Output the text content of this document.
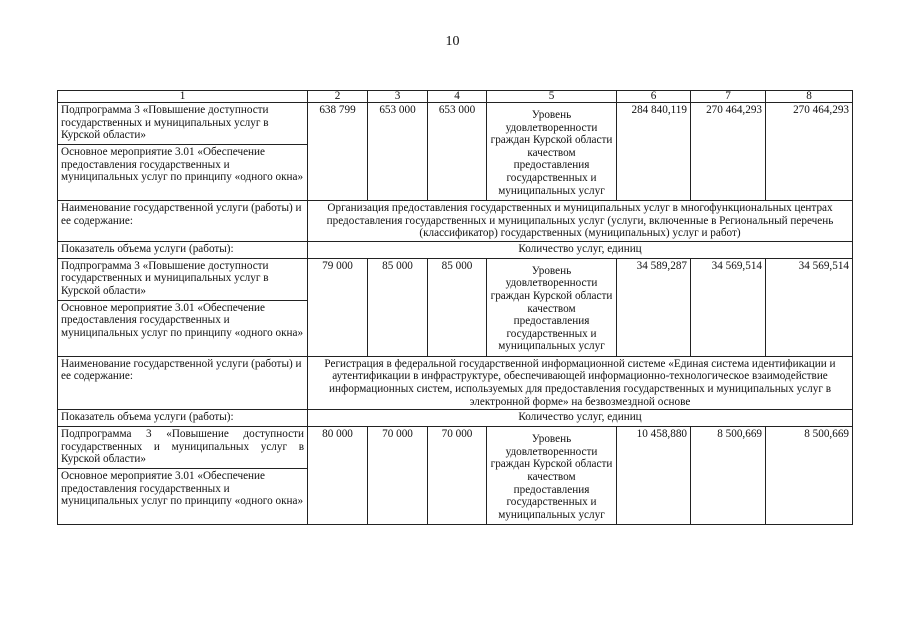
10
1	2	3	4	5	6	7	8
Подпрограмма 3 «Повышение доступности государственных и муниципальных услуг в Курской области»	638 799	653 000	653 000	Уровень удовлетворенности граждан Курской области качеством предоставления государственных и муниципальных услуг	284 840,119	270 464,293	270 464,293
Основное мероприятие 3.01 «Обеспечение предоставления государственных и муниципальных услуг по принципу «одного окна»							
Наименование государственной услуги (работы) и ее содержание:	Организация предоставления государственных и муниципальных услуг в многофункциональных центрах предоставления государственных и муниципальных услуг (услуги, включенные в Региональный перечень (классификатор) государственных (муниципальных) услуг и работ)						
Показатель объема услуги (работы):	Количество услуг, единиц						
Подпрограмма 3 «Повышение доступности государственных и муниципальных услуг в Курской области»	79 000	85 000	85 000	Уровень удовлетворенности граждан Курской области качеством предоставления государственных и муниципальных услуг	34 589,287	34 569,514	34 569,514
Основное мероприятие 3.01 «Обеспечение предоставления государственных и муниципальных услуг по принципу «одного окна»							
Наименование государственной услуги (работы) и ее содержание:	Регистрация в федеральной государственной информационной системе «Единая система идентификации и аутентификации в инфраструктуре, обеспечивающей информационно-технологическое взаимодействие информационных систем, используемых для предоставления государственных и муниципальных услуг в электронной форме» на безвозмездной основе						
Показатель объема услуги (работы):	Количество услуг, единиц						
Подпрограмма 3 «Повышение доступности государственных и муниципальных услуг в Курской области»	80 000	70 000	70 000	Уровень удовлетворенности граждан Курской области качеством предоставления государственных и муниципальных услуг	10 458,880	8 500,669	8 500,669
Основное мероприятие 3.01 «Обеспечение предоставления государственных и муниципальных услуг по принципу «одного окна»							
